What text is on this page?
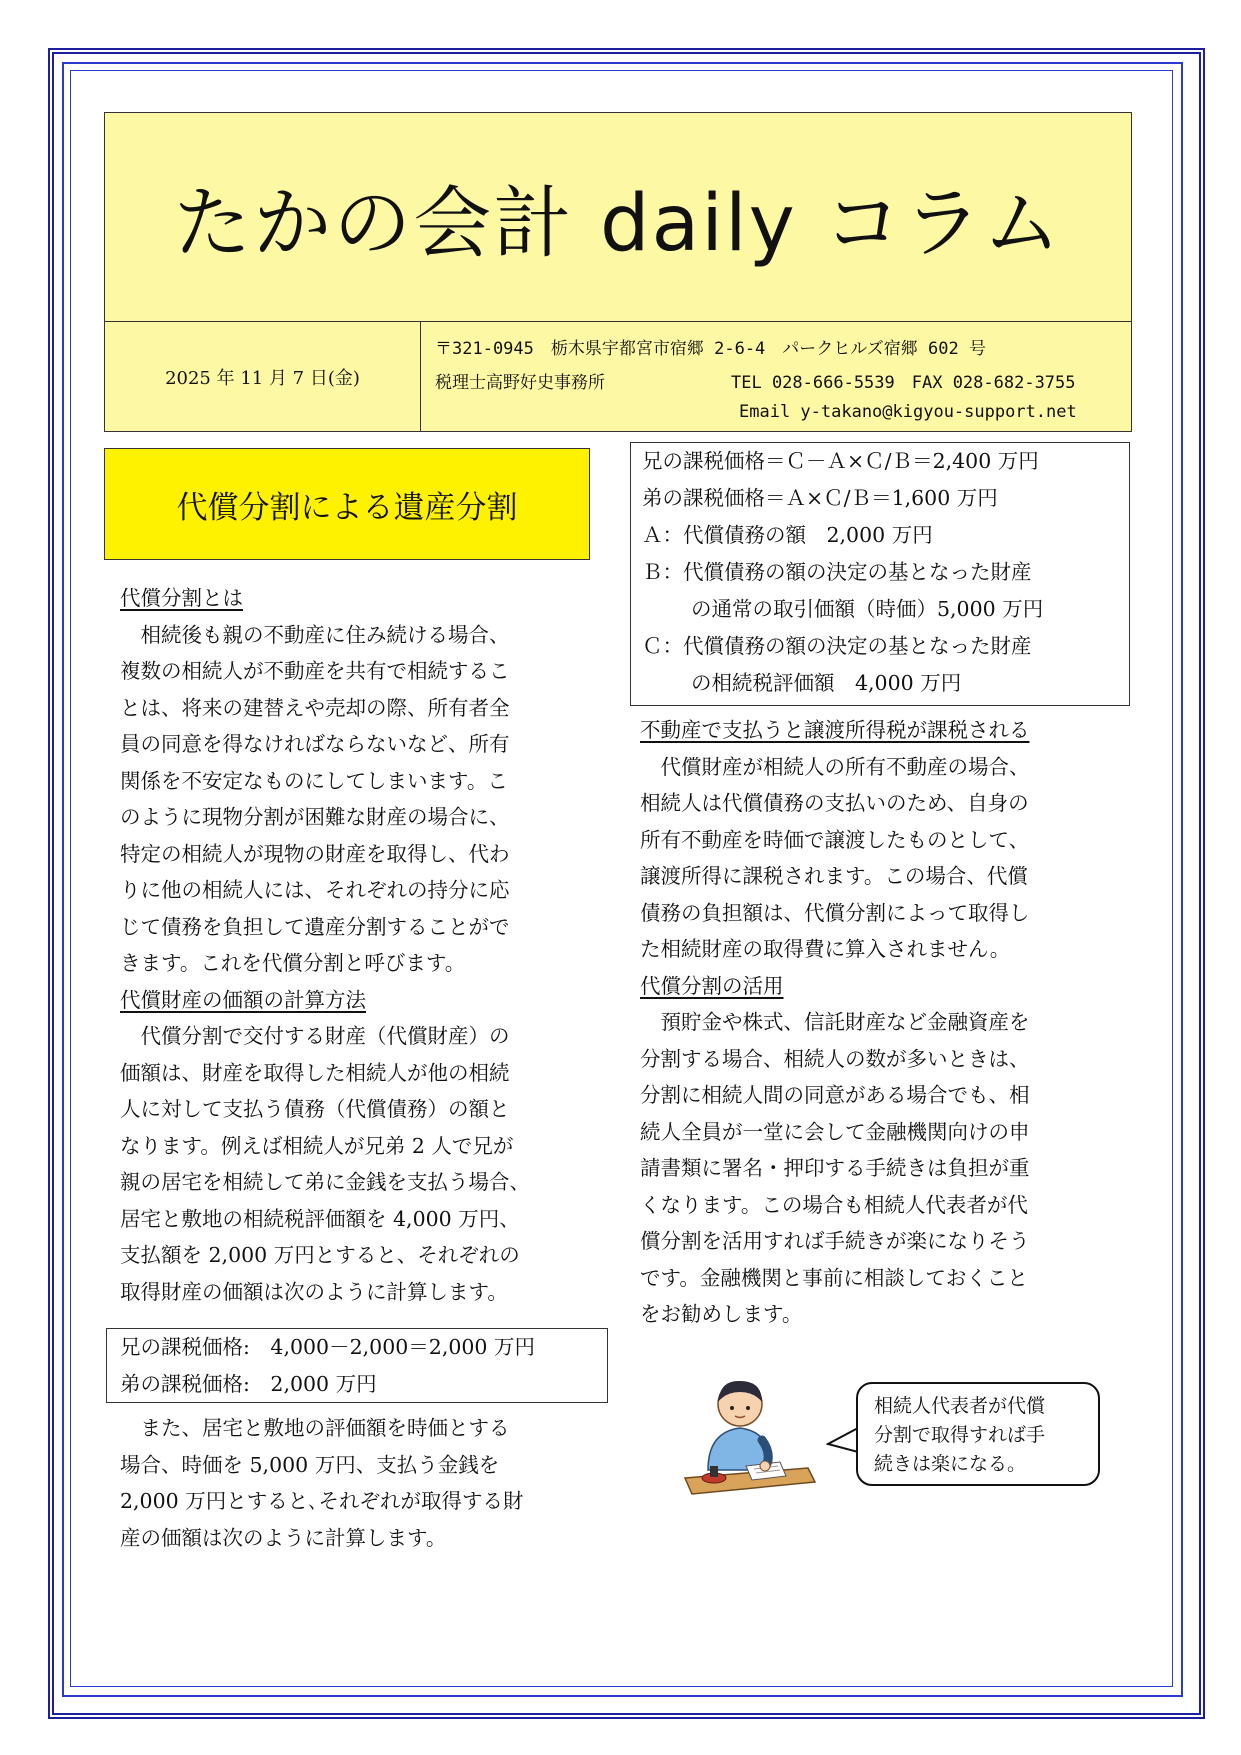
たかの会計 daily コラム
2025 年 11 月 7 日(金)
〒321-0945　栃木県宇都宮市宿郷 2-6-4　パークヒルズ宿郷 602 号
税理士高野好史事務所	TEL 028-666-5539　FAX 028-682-3755
Email y-takano@kigyou-support.net
代償分割による遺産分割

代償分割とは

相続後も親の不動産に住み続ける場合、

複数の相続人が不動産を共有で相続するこ

とは、将来の建替えや売却の際、所有者全

員の同意を得なければならないなど、所有

関係を不安定なものにしてしまいます。こ

のように現物分割が困難な財産の場合に、

特定の相続人が現物の財産を取得し、代わ

りに他の相続人には、それぞれの持分に応

じて債務を負担して遺産分割することがで

きます。これを代償分割と呼びます。

代償財産の価額の計算方法

代償分割で交付する財産（代償財産）の

価額は、財産を取得した相続人が他の相続

人に対して支払う債務（代償債務）の額と

なります。例えば相続人が兄弟 2 人で兄が

親の居宅を相続して弟に金銭を支払う場合、

居宅と敷地の相続税評価額を 4,000 万円、

支払額を 2,000 万円とすると、それぞれの

取得財産の価額は次のように計算します。

兄の課税価格:　4,000－2,000＝2,000 万円

弟の課税価格:　2,000 万円

また、居宅と敷地の評価額を時価とする

場合、時価を 5,000 万円、支払う金銭を

2,000 万円とすると､それぞれが取得する財

産の価額は次のように計算します。

兄の課税価格＝Ｃ－Ａ×Ｃ/Ｂ＝2,400 万円

弟の課税価格＝Ａ×Ｃ/Ｂ＝1,600 万円

Ａ：代償債務の額　2,000 万円

Ｂ：代償債務の額の決定の基となった財産

の通常の取引価額（時価）5,000 万円

Ｃ：代償債務の額の決定の基となった財産

の相続税評価額　4,000 万円

不動産で支払うと譲渡所得税が課税される

代償財産が相続人の所有不動産の場合、

相続人は代償債務の支払いのため、自身の

所有不動産を時価で譲渡したものとして、

譲渡所得に課税されます。この場合、代償

債務の負担額は、代償分割によって取得し

た相続財産の取得費に算入されません。

代償分割の活用

預貯金や株式、信託財産など金融資産を

分割する場合、相続人の数が多いときは、

分割に相続人間の同意がある場合でも、相

続人全員が一堂に会して金融機関向けの申

請書類に署名・押印する手続きは負担が重

くなります。この場合も相続人代表者が代

償分割を活用すれば手続きが楽になりそう

です。金融機関と事前に相談しておくこと

をお勧めします。

相続人代表者が代償

分割で取得すれば手

続きは楽になる。
